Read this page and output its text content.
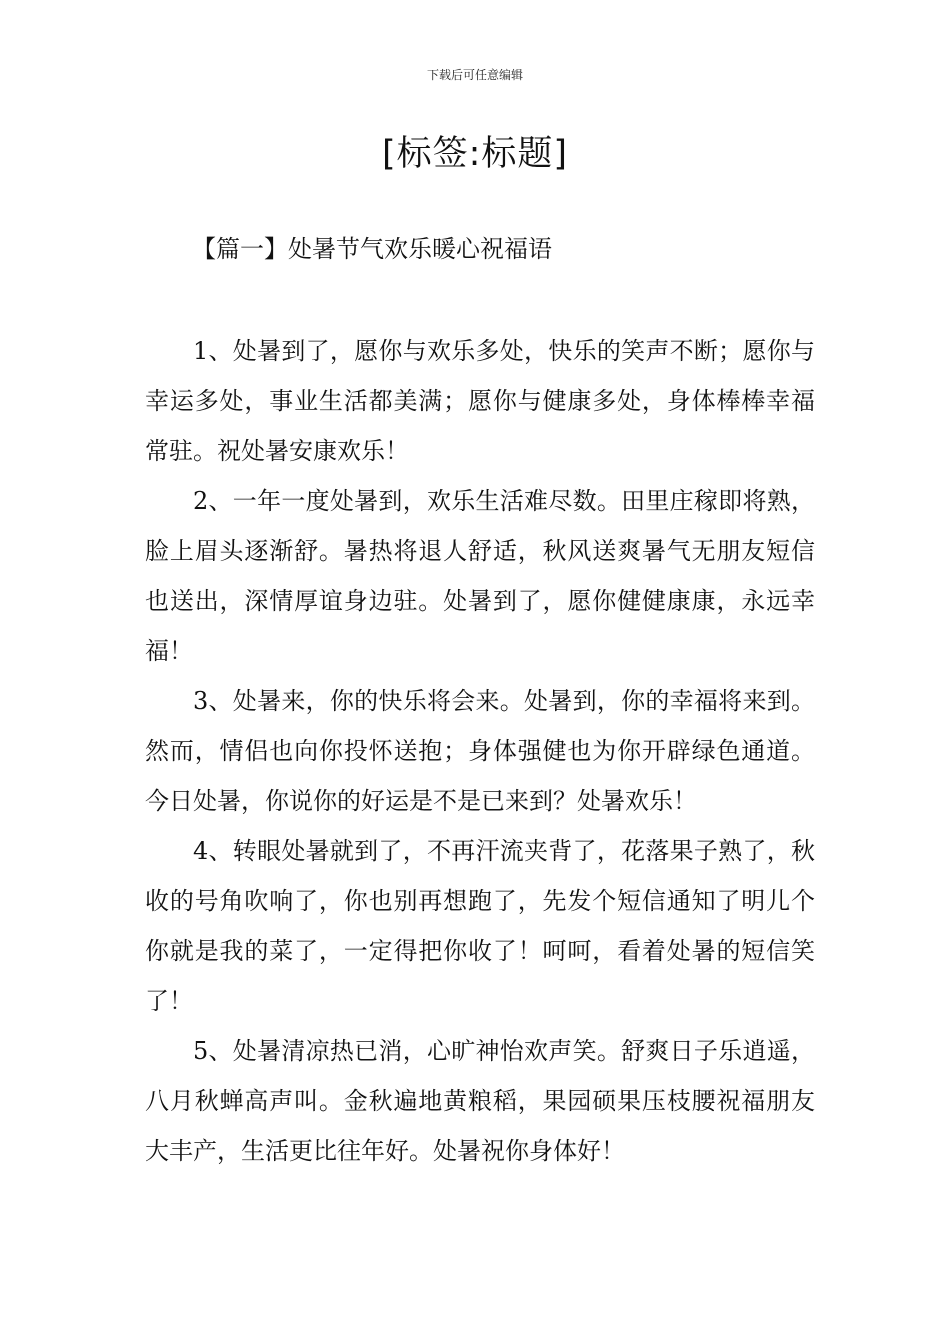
下载后可任意编辑
[标签:标题]
【篇一】处暑节气欢乐暖心祝福语

1、处暑到了，愿你与欢乐多处，快乐的笑声不断；愿你与幸运多处，事业生活都美满；愿你与健康多处，身体棒棒幸福常驻。祝处暑安康欢乐！

2、一年一度处暑到，欢乐生活难尽数。田里庄稼即将熟，脸上眉头逐渐舒。暑热将退人舒适，秋风送爽暑气无朋友短信也送出，深情厚谊身边驻。处暑到了，愿你健健康康，永远幸福！

3、处暑来，你的快乐将会来。处暑到，你的幸福将来到。然而，情侣也向你投怀送抱；身体强健也为你开辟绿色通道。今日处暑，你说你的好运是不是已来到？处暑欢乐！

4、转眼处暑就到了，不再汗流夹背了，花落果子熟了，秋收的号角吹响了，你也别再想跑了，先发个短信通知了明儿个你就是我的菜了，一定得把你收了！呵呵，看着处暑的短信笑了！

5、处暑清凉热已消，心旷神怡欢声笑。舒爽日子乐逍遥，八月秋蝉高声叫。金秋遍地黄粮稻，果园硕果压枝腰祝福朋友大丰产，生活更比往年好。处暑祝你身体好！
